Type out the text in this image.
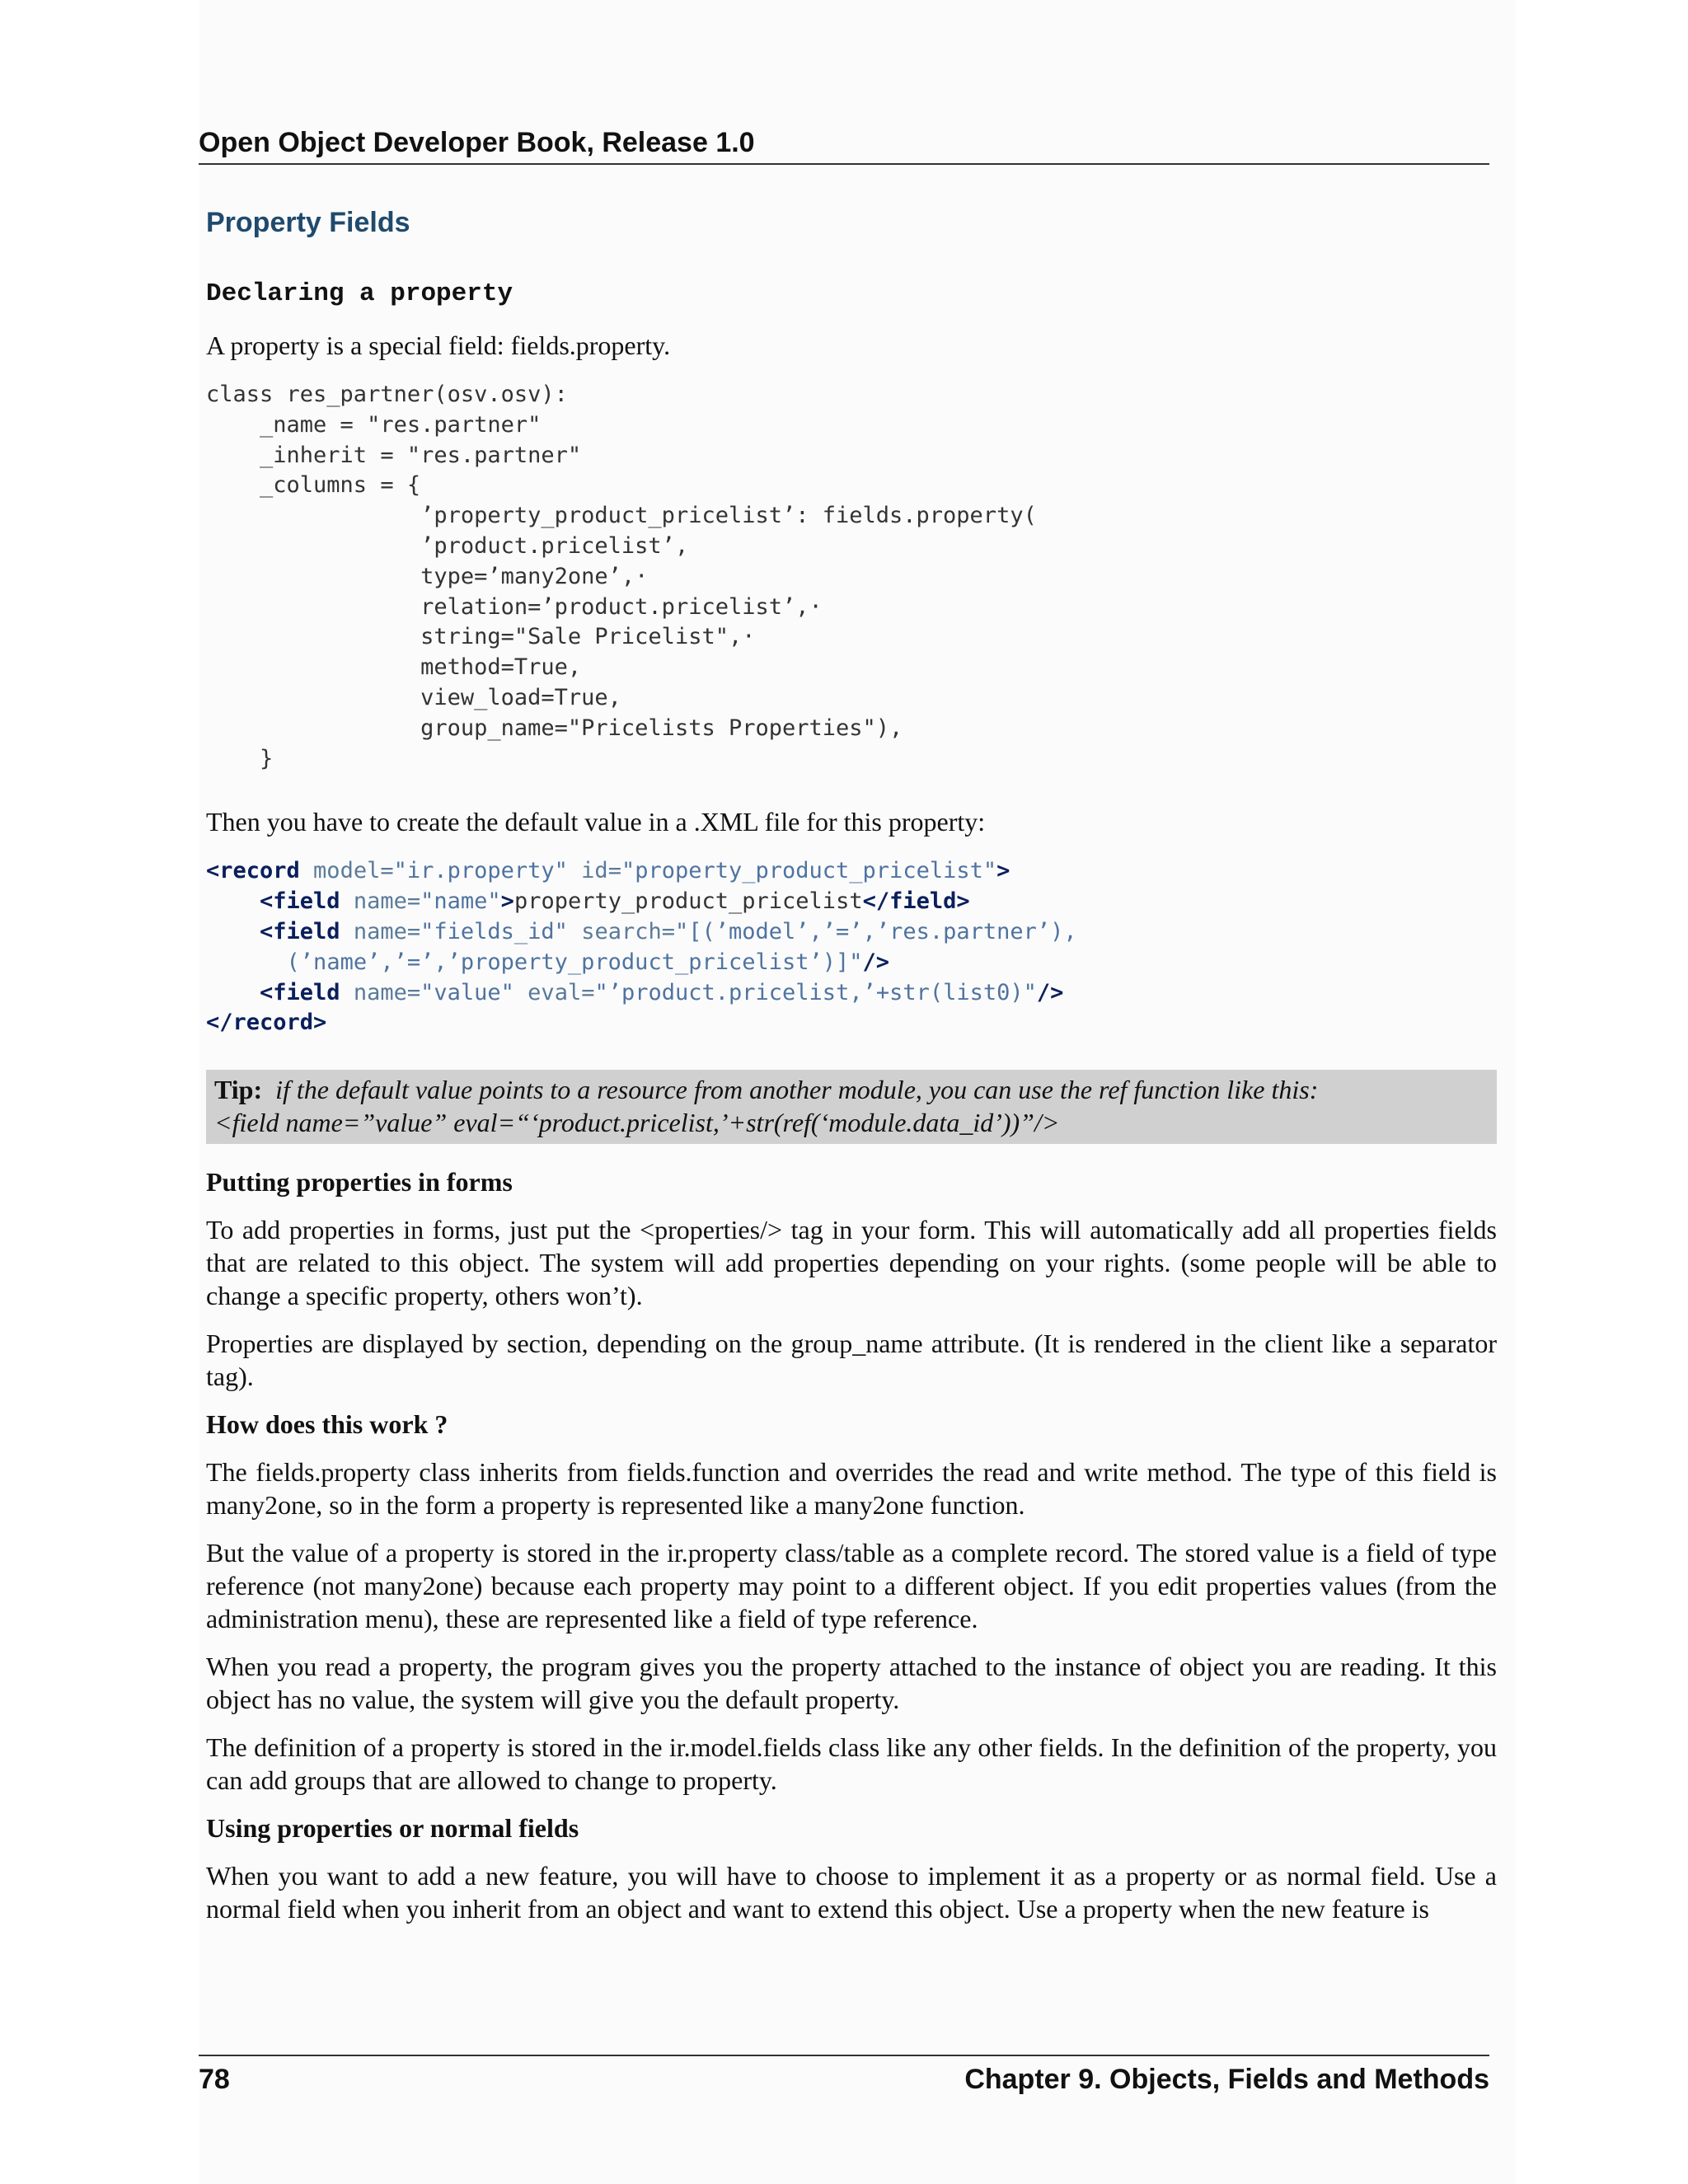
Open Object Developer Book, Release 1.0
Property Fields
Declaring a property

A property is a special field: fields.property.

class res_partner(osv.osv):
_name = "res.partner"
_inherit = "res.partner"
_columns = {
’property_product_pricelist’: fields.property(
’product.pricelist’,
type=’many2one’,·
relation=’product.pricelist’,·
string="Sale Pricelist",·
method=True,
view_load=True,
group_name="Pricelists Properties"),
}

Then you have to create the default value in a .XML file for this property:

<record model="ir.property" id="property_product_pricelist">
<field name="name">property_product_pricelist</field>
<field name="fields_id" search="[(’model’,’=’,’res.partner’),
(’name’,’=’,’property_product_pricelist’)]"/>
<field name="value" eval="’product.pricelist,’+str(list0)"/>
</record>
Tip: if the default value points to a resource from another module, you can use the ref function like this:
<field name=”value” eval=“‘product.pricelist,’+str(ref(‘module.data_id’))”/>
Putting properties in forms

To add properties in forms, just put the <properties/> tag in your form. This will automatically add all properties fields that are related to this object. The system will add properties depending on your rights. (some people will be able to change a specific property, others won’t).

Properties are displayed by section, depending on the group_name attribute. (It is rendered in the client like a separator tag).

How does this work ?

The fields.property class inherits from fields.function and overrides the read and write method. The type of this field is many2one, so in the form a property is represented like a many2one function.

But the value of a property is stored in the ir.property class/table as a complete record. The stored value is a field of type reference (not many2one) because each property may point to a different object. If you edit properties values (from the administration menu), these are represented like a field of type reference.

When you read a property, the program gives you the property attached to the instance of object you are reading. It this object has no value, the system will give you the default property.

The definition of a property is stored in the ir.model.fields class like any other fields. In the definition of the property, you can add groups that are allowed to change to property.

Using properties or normal fields

When you want to add a new feature, you will have to choose to implement it as a property or as normal field. Use a normal field when you inherit from an object and want to extend this object. Use a property when the new feature is

78	Chapter 9. Objects, Fields and Methods
